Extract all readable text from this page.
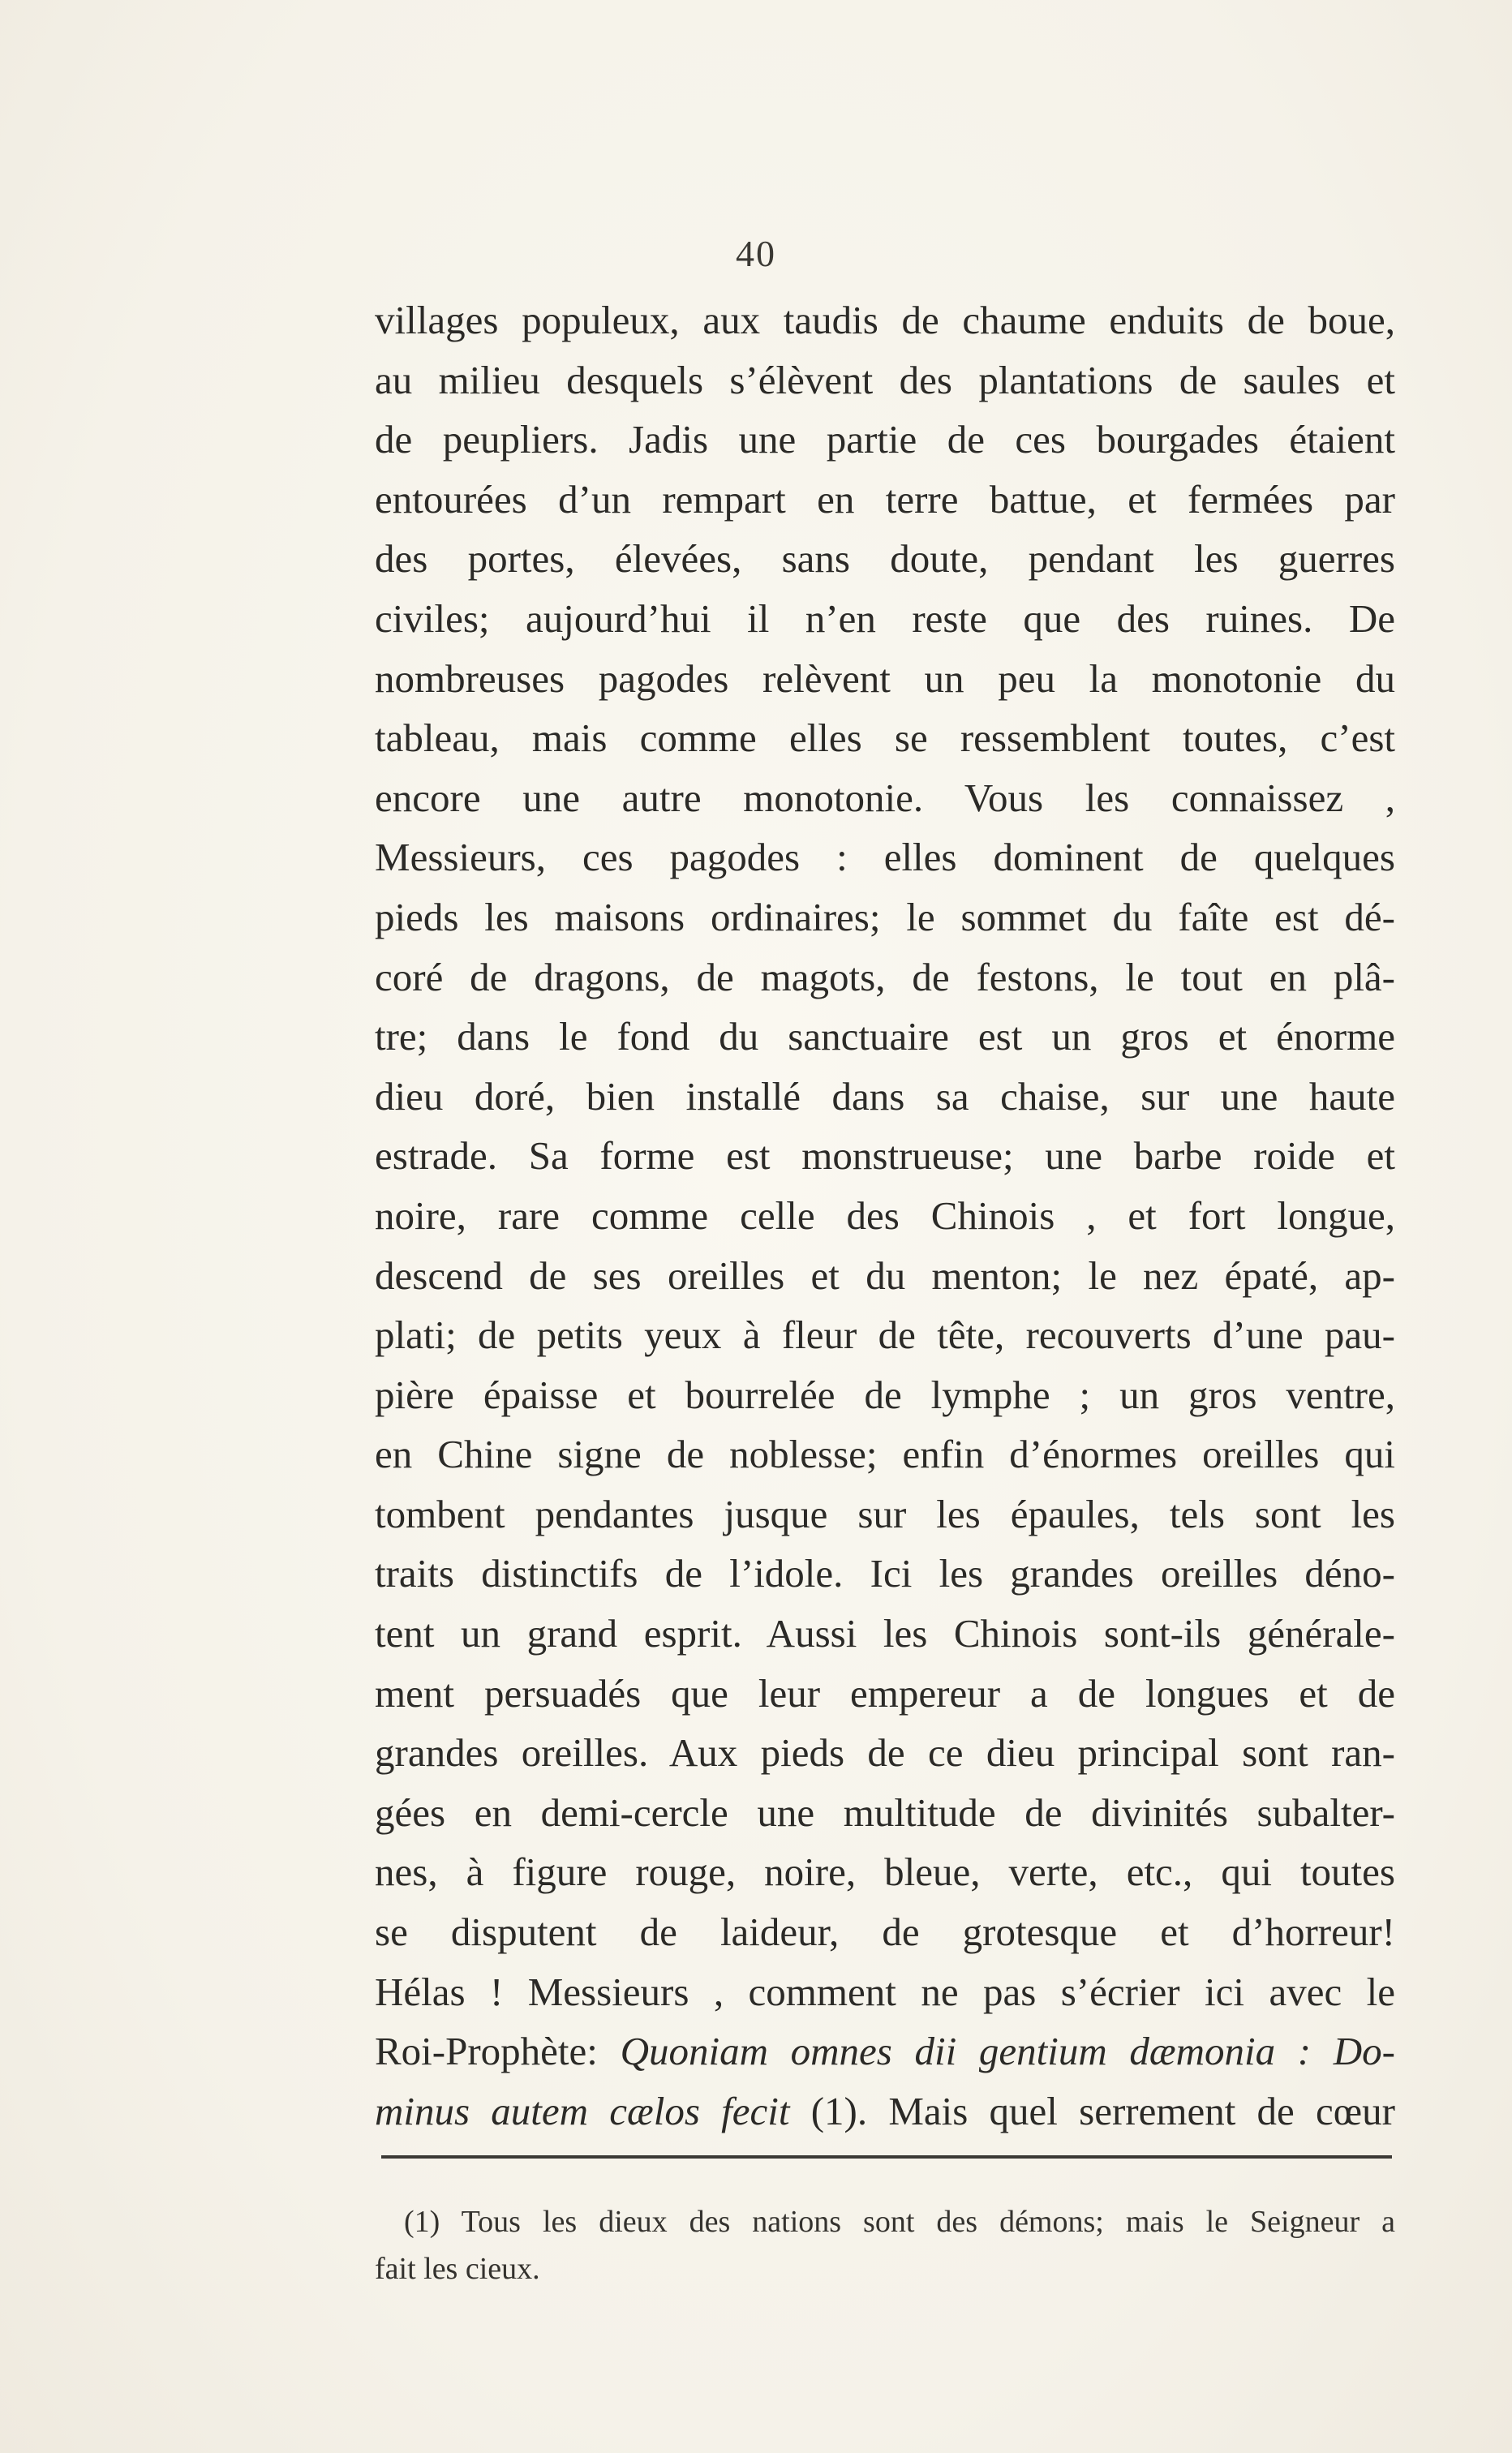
40
villages populeux, aux taudis de chaume enduits de boue,
au milieu desquels s’élèvent des plantations de saules et
de peupliers. Jadis une partie de ces bourgades étaient
entourées d’un rempart en terre battue, et fermées par
des portes, élevées, sans doute, pendant les guerres
civiles; aujourd’hui il n’en reste que des ruines. De
nombreuses pagodes relèvent un peu la monotonie du
tableau, mais comme elles se ressemblent toutes, c’est
encore une autre monotonie. Vous les connaissez ,
Messieurs, ces pagodes : elles dominent de quelques
pieds les maisons ordinaires; le sommet du faîte est dé-
coré de dragons, de magots, de festons, le tout en plâ-
tre; dans le fond du sanctuaire est un gros et énorme
dieu doré, bien installé dans sa chaise, sur une haute
estrade. Sa forme est monstrueuse; une barbe roide et
noire, rare comme celle des Chinois , et fort longue,
descend de ses oreilles et du menton; le nez épaté, ap-
plati; de petits yeux à fleur de tête, recouverts d’une pau-
pière épaisse et bourrelée de lymphe ; un gros ventre,
en Chine signe de noblesse; enfin d’énormes oreilles qui
tombent pendantes jusque sur les épaules, tels sont les
traits distinctifs de l’idole. Ici les grandes oreilles déno-
tent un grand esprit. Aussi les Chinois sont-ils générale-
ment persuadés que leur empereur a de longues et de
grandes oreilles. Aux pieds de ce dieu principal sont ran-
gées en demi-cercle une multitude de divinités subalter-
nes, à figure rouge, noire, bleue, verte, etc., qui toutes
se disputent de laideur, de grotesque et d’horreur!
Hélas ! Messieurs , comment ne pas s’écrier ici avec le
Roi-Prophète: Quoniam omnes dii gentium dæmonia : Do-
minus autem cælos fecit (1). Mais quel serrement de cœur
(1) Tous les dieux des nations sont des démons; mais le Seigneur a
fait les cieux.
